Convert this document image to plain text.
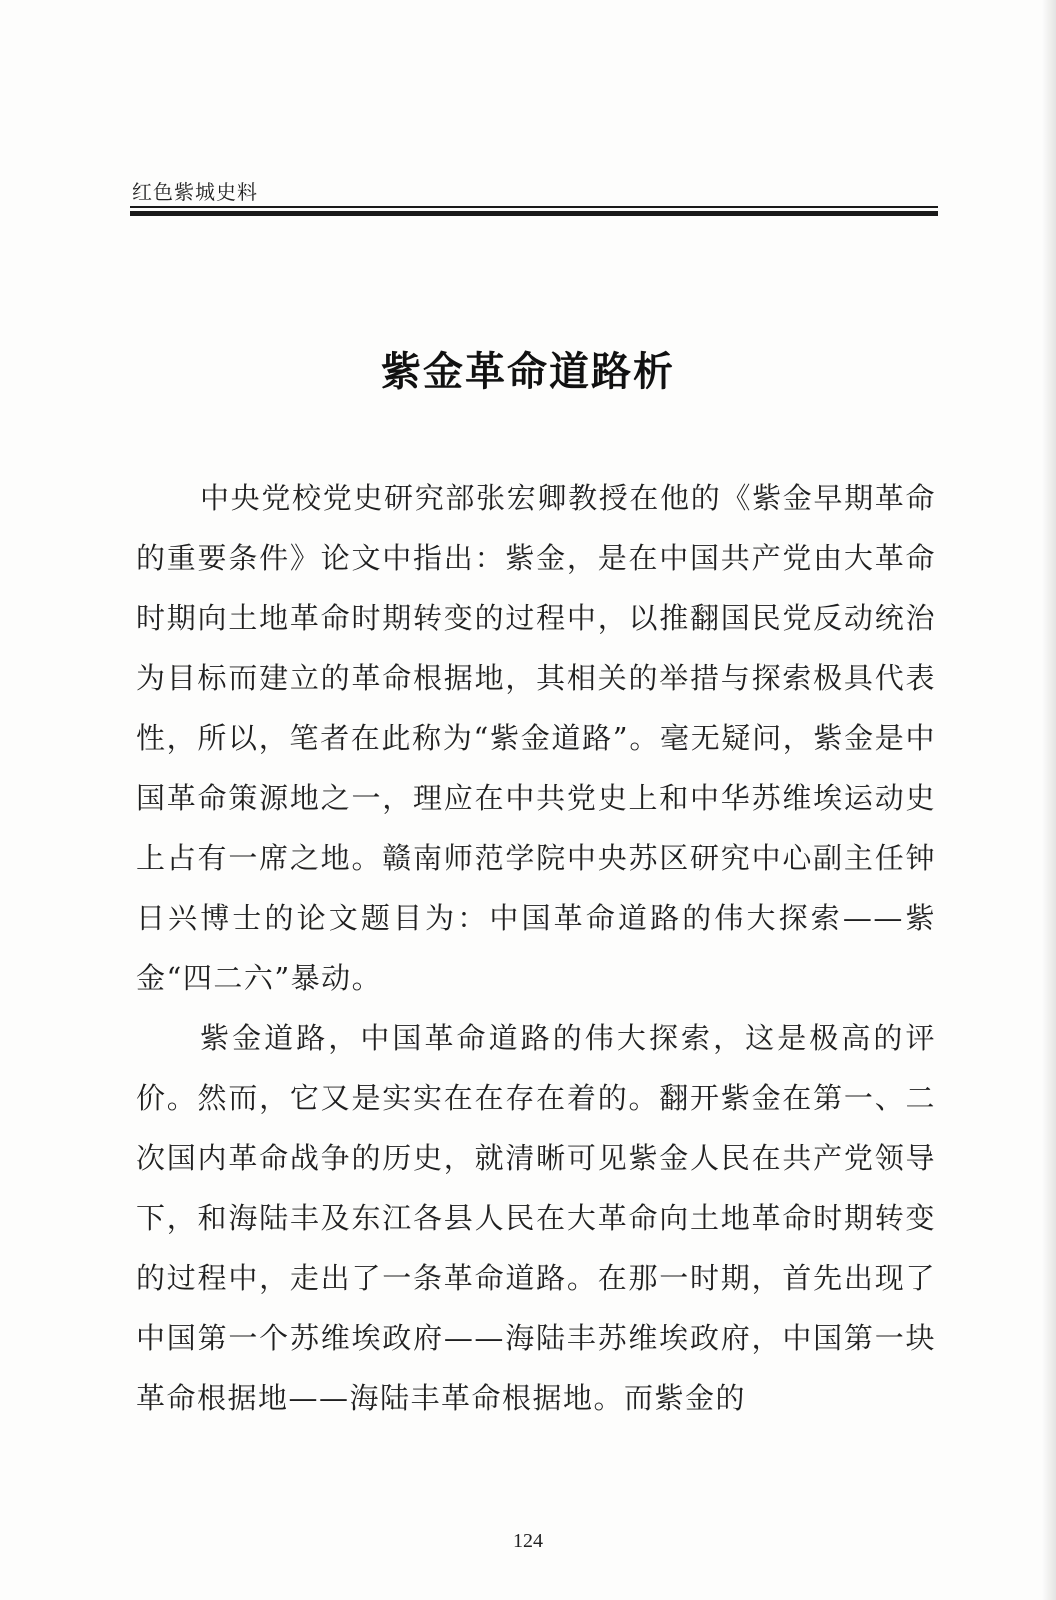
红色紫城史料
紫金革命道路析

中央党校党史研究部张宏卿教授在他的《紫金早期革命的重要条件》论文中指出：紫金，是在中国共产党由大革命时期向土地革命时期转变的过程中，以推翻国民党反动统治为目标而建立的革命根据地，其相关的举措与探索极具代表性，所以，笔者在此称为“紫金道路”。毫无疑问，紫金是中国革命策源地之一，理应在中共党史上和中华苏维埃运动史上占有一席之地。赣南师范学院中央苏区研究中心副主任钟日兴博士的论文题目为：中国革命道路的伟大探索——紫金“四二六”暴动。

紫金道路，中国革命道路的伟大探索，这是极高的评价。然而，它又是实实在在存在着的。翻开紫金在第一、二次国内革命战争的历史，就清晰可见紫金人民在共产党领导下，和海陆丰及东江各县人民在大革命向土地革命时期转变的过程中，走出了一条革命道路。在那一时期，首先出现了中国第一个苏维埃政府——海陆丰苏维埃政府，中国第一块革命根据地——海陆丰革命根据地。而紫金的

124
